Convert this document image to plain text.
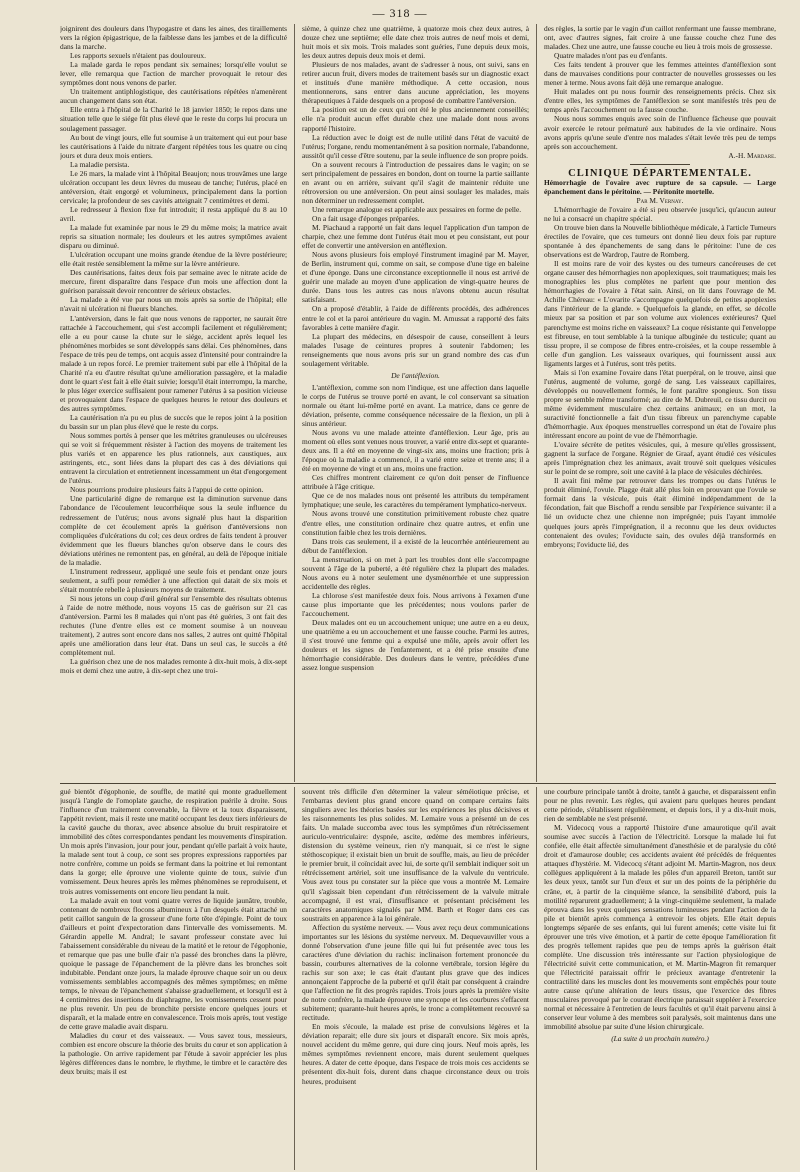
— 318 —

joignirent des douleurs dans l'hypogastre et dans les aines, des tiraillements vers la région épigastrique, de la faiblesse dans les jambes et de la difficulté dans la marche.

Les rapports sexuels n'étaient pas douloureux.

La malade garda le repos pendant six semaines; lorsqu'elle voulut se lever, elle remarqua que l'action de marcher provoquait le retour des symptômes dont nous venons de parler.

Un traitement antiphlogistique, des cautérisations répétées n'amenèrent aucun changement dans son état.

Elle entra à l'hôpital de la Charité le 18 janvier 1850; le repos dans une situation telle que le siége fût plus élevé que le reste du corps lui procura un soulagement passager.

Au bout de vingt jours, elle fut soumise à un traitement qui eut pour base les cautérisations à l'aide du nitrate d'argent répétées tous les quatre ou cinq jours et dura deux mois entiers.

La maladie persista.

Le 26 mars, la malade vint à l'hôpital Beaujon; nous trouvâmes une large ulcération occupant les deux lèvres du museau de tanche; l'utérus, placé en antéversion, était engorgé et volumineux, principalement dans la portion cervicale; la profondeur de ses cavités atteignait 7 centimètres et demi.

Le redresseur à flexion fixe fut introduit; il resta appliqué du 8 au 10 avril.

La malade fut examinée par nous le 29 du même mois; la matrice avait repris sa situation normale; les douleurs et les autres symptômes avaient disparu ou diminué.

L'ulcération occupant une moins grande étendue de la lèvre postérieure; elle était restée sensiblement la même sur la lèvre antérieure.

Des cautérisations, faites deux fois par semaine avec le nitrate acide de mercure, firent disparaître dans l'espace d'un mois une affection dont la guérison paraissait devoir rencontrer de sérieux obstacles.

La malade a été vue par nous un mois après sa sortie de l'hôpital; elle n'avait ni ulcération ni flueurs blanches.

L'antéversion, dans le fait que nous venons de rapporter, ne saurait être rattachée à l'accouchement, qui s'est accompli facilement et régulièrement; elle a eu pour cause la chute sur le siége, accident après lequel les phénomènes morbides se sont développés sans délai. Ces phénomènes, dans l'espace de très peu de temps, ont acquis assez d'intensité pour contraindre la malade à un repos forcé. Le premier traitement subi par elle à l'hôpital de la Charité n'a eu d'autre résultat qu'une amélioration passagère, et la maladie dont le quart s'est fait à elle était suivie; lorsqu'il était interrompu, la marche, le plus léger exercice suffisaient pour ramener l'utérus à sa position vicieuse et provoquaient dans l'espace de quelques heures le retour des douleurs et des autres symptômes.

La cautérisation n'a pu eu plus de succès que le repos joint à la position du bassin sur un plan plus élevé que le reste du corps.

Nous sommes portés à penser que les métrites granuleuses ou ulcéreuses qui se voit si fréquemment résister à l'action des moyens de traitement les plus variés et en apparence les plus rationnels, aux caustiques, aux astringents, etc., sont liées dans la plupart des cas à des déviations qui entravent la circulation et entretiennent incessamment un état d'engorgement de l'utérus.

Nous pourrions produire plusieurs faits à l'appui de cette opinion.

Une particularité digne de remarque est la diminution survenue dans l'abondance de l'écoulement leucorrhéique sous la seule influence du redressement de l'utérus; nous avons signalé plus haut la disparition complète de cet écoulement après la guérison d'antéversions non compliquées d'ulcérations du col; ces deux ordres de faits tendent à prouver évidemment que les flueurs blanches qu'on observe dans le cours des déviations utérines ne remontent pas, en général, au delà de l'époque initiale de la maladie.

L'instrument redresseur, appliqué une seule fois et pendant onze jours seulement, a suffi pour remédier à une affection qui datait de six mois et s'était montrée rebelle à plusieurs moyens de traitement.

Si nous jetons un coup d'œil général sur l'ensemble des résultats obtenus à l'aide de notre méthode, nous voyons 15 cas de guérison sur 21 cas d'antéversion. Parmi les 8 malades qui n'ont pas été guéries, 3 ont fait des rechutes (l'une d'entre elles est ce moment soumise à un nouveau traitement), 2 autres sont encore dans nos salles, 2 autres ont quitté l'hôpital après une amélioration dans leur état. Dans un seul cas, le succès a été complètement nul.

La guérison chez une de nos malades remonte à dix-huit mois, à dix-sept mois et demi chez une autre, à dix-sept chez une troi-

sième, à quinze chez une quatrième, à quatorze mois chez deux autres, à douze chez une septième; elle date chez trois autres de neuf mois et demi, huit mois et six mois. Trois malades sont guéries, l'une depuis deux mois, les deux autres depuis deux mois et demi.

Plusieurs de nos malades, avant de s'adresser à nous, ont suivi, sans en retirer aucun fruit, divers modes de traitement basés sur un diagnostic exact et institués d'une manière méthodique. A cette occasion, nous mentionnerons, sans entrer dans aucune appréciation, les moyens thérapeutiques à l'aide desquels on a proposé de combattre l'antéversion.

La position est un de ceux qui ont été le plus anciennement conseillés; elle n'a produit aucun effet durable chez une malade dont nous avons rapporté l'histoire.

La réduction avec le doigt est de nulle utilité dans l'état de vacuité de l'utérus; l'organe, rendu momentanément à sa position normale, l'abandonne, aussitôt qu'il cesse d'être soutenu, par la seule influence de son propre poids.

On a souvent recours à l'introduction de pessaires dans le vagin; on se sert principalement de pessaires en bondon, dont on tourne la partie saillante en avant ou en arrière, suivant qu'il s'agit de maintenir réduite une rétroversion ou une antéversion. On peut ainsi soulager les malades, mais non déterminer un redressement complet.

Une remarque analogue est applicable aux pessaires en forme de pelle.

On a fait usage d'éponges préparées.

M. Piachaud a rapporté un fait dans lequel l'application d'un tampon de charpie, chez une femme dont l'utérus était mou et peu consistant, eut pour effet de convertir une antéversion en antéflexion.

Nous avons plusieurs fois employé l'instrument imaginé par M. Mayer, de Berlin, instrument qui, comme on sait, se compose d'une tige en baleine et d'une éponge. Dans une circonstance exceptionnelle il nous est arrivé de guérir une malade au moyen d'une application de vingt-quatre heures de durée. Dans tous les autres cas nous n'avons obtenu aucun résultat satisfaisant.

On a proposé d'établir, à l'aide de différents procédés, des adhérences entre le col et la paroi antérieure du vagin. M. Amussat a rapporté des faits favorables à cette manière d'agir.

La plupart des médecins, en désespoir de cause, conseillent à leurs malades l'usage de ceintures propres à soutenir l'abdomen; les renseignements que nous avons pris sur un grand nombre des cas d'un soulagement véritable.

De l'antéflexion.

L'antéflexion, comme son nom l'indique, est une affection dans laquelle le corps de l'utérus se trouve porté en avant, le col conservant sa situation normale ou étant lui-même porté en avant. La matrice, dans ce genre de déviation, présente, comme conséquence nécessaire de la flexion, un pli à sinus antérieur.

Nous avons vu une malade atteinte d'antéflexion. Leur âge, pris au moment où elles sont venues nous trouver, a varié entre dix-sept et quarante-deux ans. Il a été en moyenne de vingt-six ans, moins une fraction; pris à l'époque où la maladie a commencé, il a varié entre seize et trente ans; il a été en moyenne de vingt et un ans, moins une fraction.

Ces chiffres montrent clairement ce qu'on doit penser de l'influence attribuée à l'âge critique.

Que ce de nos malades nous ont présenté les attributs du tempérament lymphatique; une seule, les caractères du tempérament lymphatico-nerveux.

Nous avons trouvé une constitution primitivement robuste chez quatre d'entre elles, une constitution ordinaire chez quatre autres, et enfin une constitution faible chez les trois dernières.

Dans trois cas seulement, il a existé de la leucorrhée antérieurement au début de l'antéflexion.

La menstruation, si on met à part les troubles dont elle s'accompagne souvent à l'âge de la puberté, a été régulière chez la plupart des malades. Nous avons eu à noter seulement une dysménorrhée et une suppression accidentelle des règles.

La chlorose s'est manifestée deux fois. Nous arrivons à l'examen d'une cause plus importante que les précédentes; nous voulons parler de l'accouchement.

Deux malades ont eu un accouchement unique; une autre en a eu deux, une quatrième a eu un accouchement et une fausse couche. Parmi les autres, il s'est trouvé une femme qui a expulsé une môle, après avoir offert les douleurs et les signes de l'enfantement, et a été prise ensuite d'une hémorrhagie considérable. Des douleurs dans le ventre, précédées d'une assez longue suspension

des règles, la sortie par le vagin d'un caillot renfermant une fausse membrane, ont, avec d'autres signes, fait croire à une fausse couche chez l'une des malades. Chez une autre, une fausse couche eu lieu à trois mois de grossesse.

Quatre malades n'ont pas eu d'enfants.

Ces faits tendent à prouver que les femmes atteintes d'antéflexion sont dans de mauvaises conditions pour contracter de nouvelles grossesses ou les mener à terme. Nous avons fait déjà une remarque analogue.

Huit malades ont pu nous fournir des renseignements précis. Chez six d'entre elles, les symptômes de l'antéflexion se sont manifestés très peu de temps après l'accouchement ou la fausse couche.

Nous nous sommes enquis avec soin de l'influence fâcheuse que pouvait avoir exercée le retour prématuré aux habitudes de la vie ordinaire. Nous avons appris qu'une seule d'entre nos malades s'était levée très peu de temps après son accouchement.

A.-H. Mardare.

CLINIQUE DÉPARTEMENTALE.

Hémorrhagie de l'ovaire avec rupture de sa capsule. — Large épanchement dans le péritoine. — Péritonite mortelle.

Par M. Vernay.

L'hémorrhagie de l'ovaire a été si peu observée jusqu'ici, qu'aucun auteur ne lui a consacré un chapitre spécial.

On trouve bien dans la Nouvelle bibliothèque médicale, à l'article Tumeurs érectiles de l'ovaire, que ces tumeurs ont donné lieu deux fois par rupture spontanée à des épanchements de sang dans le péritoine: l'une de ces observations est de Wardrop, l'autre de Romberg.

Il est moins rare de voir des kystes ou des tumeurs cancéreuses de cet organe causer des hémorrhagies non apoplexiques, soit traumatiques; mais les monographies les plus complètes ne parlent que pour mention des hémorrhagies de l'ovaire à l'état sain. Ainsi, on lit dans l'ouvrage de M. Achille Chéreau: « L'ovarite s'accompagne quelquefois de petites apoplexies dans l'intérieur de la glande. » Quelquefois la glande, en effet, se décolle mieux par sa position et par son volume aux violences extérieures? Quel parenchyme est moins riche en vaisseaux? La coque résistante qui l'enveloppe est fibreuse, en tout semblable à la tunique albuginée du testicule; quant au tissu propre, il se compose de fibres entre-croisées, et la coupe ressemble à celle d'un ganglion. Les vaisseaux ovariques, qui fournissent aussi aux ligaments larges et à l'utérus, sont très petits.

Mais si l'on examine l'ovaire dans l'état puerpéral, on le trouve, ainsi que l'utérus, augmenté de volume, gorgé de sang. Les vaisseaux capillaires, développés ou nouvellement formés, le font paraître spongieux. Son tissu propre se semble même transformé; au dire de M. Dubreuil, ce tissu durcit ou même évidemment musculaire chez certains animaux; en un mot, la suractivité fonctionnelle a fait d'un tissu fibreux un parenchyme capable d'hémorrhagie. Aux époques menstruelles correspond un état de l'ovaire plus intéressant encore au point de vue de l'hémorrhagie.

L'ovaire sécrète de petites vésicules, qui, à mesure qu'elles grossissent, gagnent la surface de l'organe. Régnier de Graaf, ayant étudié ces vésicules après l'imprégnation chez les animaux, avait trouvé soit quelques vésicules sur le point de se rompre, soit une cavité à la place de vésicules déchirées.

Il avait fini même par retrouver dans les trompes ou dans l'utérus le produit éliminé, l'ovule. Plagge était allé plus loin en prouvant que l'ovule se formait dans la vésicule, puis était éliminé indépendamment de la fécondation, fait que Bischoff a rendu sensible par l'expérience suivante: il a lié un oviducte chez une chienne non imprégnée; puis l'ayant immolée quelques jours après l'imprégnation, il a reconnu que les deux oviductes contenaient des ovules; l'oviducte sain, des ovules déjà transformés en embryons; l'oviducte lié, des

gué bientôt d'égophonie, de souffle, de matité qui monte graduellement jusqu'à l'angle de l'omoplate gauche, de respiration puérile à droite. Sous l'influence d'un traitement convenable, la fièvre et la toux disparaissent, l'appétit revient, mais il reste une matité occupant les deux tiers inférieurs de la cavité gauche du thorax, avec absence absolue du bruit respiratoire et immobilité des côtes correspondantes pendant les mouvements d'inspiration. Un mois après l'invasion, jour pour jour, pendant qu'elle parlait à voix haute, la malade sent tout à coup, ce sont ses propres expressions rapportées par notre confrère, comme un poids se fermant dans la poitrine et lui remontant dans la gorge; elle éprouve une violente quinte de toux, suivie d'un vomissement. Deux heures après les mêmes phénomènes se reproduisent, et trois autres vomissements ont encore lieu pendant la nuit.

La malade avait en tout vomi quatre verres de liquide jaunâtre, trouble, contenant de nombreux flocons albumineux à l'un desquels était attaché un petit caillot sanguin de la grosseur d'une forte tête d'épingle. Point de toux d'ailleurs et point d'expectoration dans l'intervalle des vomissements. M. Gérardin appelle M. Andral; le savant professeur constate avec lui l'abaissement considérable du niveau de la matité et le retour de l'égophonie, et remarque que pas une bulle d'air n'a passé des bronches dans la plèvre, quoique le passage de l'épanchement de la plèvre dans les bronches soit indubitable. Pendant onze jours, la malade éprouve chaque soir un ou deux vomissements semblables accompagnés des mêmes symptômes; en même temps, le niveau de l'épanchement s'abaisse graduellement, et lorsqu'il est à 4 centimètres des insertions du diaphragme, les vomissements cessent pour ne plus revenir. Un peu de bronchite persiste encore quelques jours et disparaît, et la malade entre en convalescence. Trois mois après, tout vestige de cette grave maladie avait disparu.

Maladies du cœur et des vaisseaux. — Vous savez tous, messieurs, combien est encore obscure la théorie des bruits du cœur et son application à la pathologie. On arrive rapidement par l'étude à savoir apprécier les plus légères différences dans le nombre, le rhythme, le timbre et le caractère des deux bruits; mais il est

souvent très difficile d'en déterminer la valeur séméiotique précise, et l'embarras devient plus grand encore quand on compare certains faits singuliers avec les théories basées sur les expériences les plus décisives et les raisonnements les plus solides. M. Lemaire vous a présenté un de ces faits. Un malade succomba avec tous les symptômes d'un rétrécissement auriculo-ventriculaire: dyspnée, ascite, œdème des membres inférieurs, distension du système veineux, rien n'y manquait, si ce n'est le signe stéthoscopique; il existait bien un bruit de souffle, mais, au lieu de précéder le premier bruit, il coïncidait avec lui, de sorte qu'il semblait indiquer soit un rétrécissement artériel, soit une insuffisance de la valvule du ventricule. Vous avez tous pu constater sur la pièce que vous a montrée M. Lemaire qu'il s'agissait bien cependant d'un rétrécissement de la valvule mitrale accompagné, il est vrai, d'insuffisance et présentant précisément les caractères anatomiques signalés par MM. Barth et Roger dans ces cas soustraits en apparence à la loi générale.

Affection du système nerveux. — Vous avez reçu deux communications importantes sur les lésions du système nerveux. M. Dequevauviller vous a donné l'observation d'une jeune fille qui lui fut présentée avec tous les caractères d'une déviation du rachis: inclinaison fortement prononcée du bassin, courbures alternatives de la colonne vertébrale, torsion légère du rachis sur son axe; le cas était d'autant plus grave que des indices annonçaient l'approche de la puberté et qu'il était par conséquent à craindre que l'affection ne fit des progrès rapides. Trois jours après la première visite de notre confrère, la malade éprouve une syncope et les courbures s'effacent subitement; quarante-huit heures après, le tronc a complètement recouvré sa rectitude.

En mois s'écoule, la malade est prise de convulsions légères et la déviation reparait; elle dure six jours et disparaît encore. Six mois après, nouvel accident du même genre, qui dure cinq jours. Neuf mois après, les mêmes symptômes reviennent encore, mais durent seulement quelques heures. A dater de cette époque, dans l'espace de trois mois ces accidents se présentent dix-huit fois, durent dans chaque circonstance deux ou trois heures, produisent

une courbure principale tantôt à droite, tantôt à gauche, et disparaissent enfin pour ne plus revenir. Les règles, qui avaient paru quelques heures pendant cette période, s'établissent régulièrement, et depuis lors, il y a dix-huit mois, rien de semblable ne s'est présenté.

M. Videcocq vous a rapporté l'histoire d'une amaurotique qu'il avait soumise avec succès à l'action de l'électricité. Lorsque la malade lui fut confiée, elle était affectée simultanément d'anesthésie et de paralysie du côté droit et d'amaurose double; ces accidents avaient été précédés de fréquentes attaques d'hystérie. M. Videcocq s'étant adjoint M. Martin-Magron, nos deux collègues appliquèrent à la malade les pôles d'un appareil Breton, tantôt sur les deux yeux, tantôt sur l'un d'eux et sur un des points de la périphérie du crâne, et, à partir de la cinquième séance, la sensibilité d'abord, puis la motilité reparurent graduellement; à la vingt-cinquième seulement, la malade éprouva dans les yeux quelques sensations lumineuses pendant l'action de la pile et bientôt après commença à entrevoir les objets. Elle était depuis longtemps séparée de ses enfants, qui lui furent amenés; cette visite lui fit éprouver une très vive émotion, et à partir de cette époque l'amélioration fit des progrès tellement rapides que peu de temps après la guérison était complète. Une discussion très intéressante sur l'action physiologique de l'électricité suivit cette communication, et M. Martin-Magron fit remarquer que l'électricité paraissait offrir le précieux avantage d'entretenir la contractilité dans les muscles dont les mouvements sont empêchés pour toute autre cause qu'une altération de leurs tissus, que l'exercice des fibres musculaires provoqué par le courant électrique paraissait suppléer à l'exercice normal et nécessaire à l'entretien de leurs facultés et qu'il était parvenu ainsi à conserver leur volume à des membres soit paralysés, soit maintenus dans une immobilité absolue par suite d'une lésion chirurgicale.

(La suite à un prochain numéro.)
